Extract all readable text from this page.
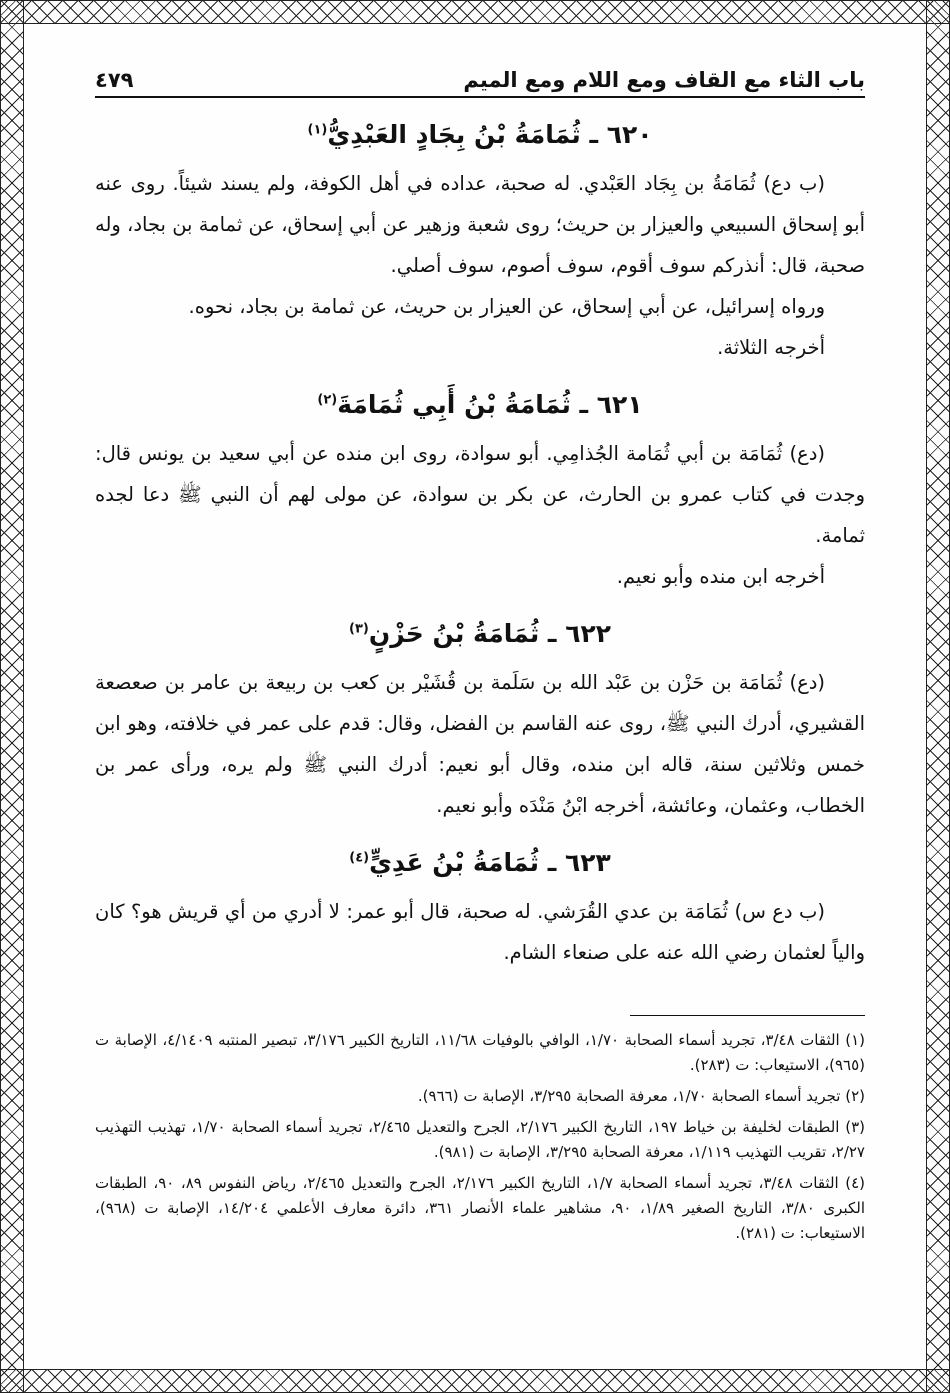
باب الثاء مع القاف ومع اللام ومع الميم
٤٧٩
٦٢٠ ـ ثُمَامَةُ بْنُ بِجَادٍ العَبْدِيُّ$^{(١)}$

(ب دع) ثُمَامَةُ بن بِجَاد العَبْدي. له صحبة، عداده في أهل الكوفة، ولم يسند شيئاً. روى عنه أبو إسحاق السبيعي والعيزار بن حريث؛ روى شعبة وزهير عن أبي إسحاق، عن ثمامة بن بجاد، وله صحبة، قال: أنذركم سوف أقوم، سوف أصوم، سوف أصلي.

ورواه إسرائيل، عن أبي إسحاق، عن العيزار بن حريث، عن ثمامة بن بجاد، نحوه.

أخرجه الثلاثة.

٦٢١ ـ ثُمَامَةُ بْنُ أَبِي ثُمَامَةَ$^{(٢)}$

(دع) ثُمَامَة بن أبي ثُمَامة الجُذامِي. أبو سوادة، روى ابن منده عن أبي سعيد بن يونس قال: وجدت في كتاب عمرو بن الحارث، عن بكر بن سوادة، عن مولى لهم أن النبي ﷺ دعا لجده ثمامة.

أخرجه ابن منده وأبو نعيم.

٦٢٢ ـ ثُمَامَةُ بْنُ حَزْنٍ$^{(٣)}$

(دع) ثُمَامَة بن حَزْن بن عَبْد الله بن سَلَمة بن قُشَيْر بن كعب بن ربيعة بن عامر بن صعصعة القشيري، أدرك النبي ﷺ، روى عنه القاسم بن الفضل، وقال: قدم على عمر في خلافته، وهو ابن خمس وثلاثين سنة، قاله ابن منده، وقال أبو نعيم: أدرك النبي ﷺ ولم يره، ورأى عمر بن الخطاب، وعثمان، وعائشة، أخرجه ابْنُ مَنْدَه وأبو نعيم.

٦٢٣ ـ ثُمَامَةُ بْنُ عَدِيٍّ$^{(٤)}$

(ب دع س) ثُمَامَة بن عدي القُرَشي. له صحبة، قال أبو عمر: لا أدري من أي قريش هو؟ كان والياً لعثمان رضي الله عنه على صنعاء الشام.

(١) الثقات ٣/٤٨، تجريد أسماء الصحابة ١/٧٠، الوافي بالوفيات ١١/٦٨، التاريخ الكبير ٣/١٧٦، تبصير المنتبه ٤/١٤٠٩، الإصابة ت (٩٦٥)، الاستيعاب: ت (٢٨٣).

(٢) تجريد أسماء الصحابة ١/٧٠، معرفة الصحابة ٣/٢٩٥، الإصابة ت (٩٦٦).

(٣) الطبقات لخليفة بن خياط ١٩٧، التاريخ الكبير ٢/١٧٦، الجرح والتعديل ٢/٤٦٥، تجريد أسماء الصحابة ١/٧٠، تهذيب التهذيب ٢/٢٧، تقريب التهذيب ١/١١٩، معرفة الصحابة ٣/٢٩٥، الإصابة ت (٩٨١).

(٤) الثقات ٣/٤٨، تجريد أسماء الصحابة ١/٧، التاريخ الكبير ٢/١٧٦، الجرح والتعديل ٢/٤٦٥، رياض النفوس ٨٩، ٩٠، الطبقات الكبرى ٣/٨٠، التاريخ الصغير ١/٨٩، ٩٠، مشاهير علماء الأنصار ٣٦١، دائرة معارف الأعلمي ١٤/٢٠٤، الإصابة ت (٩٦٨)، الاستيعاب: ت (٢٨١).
